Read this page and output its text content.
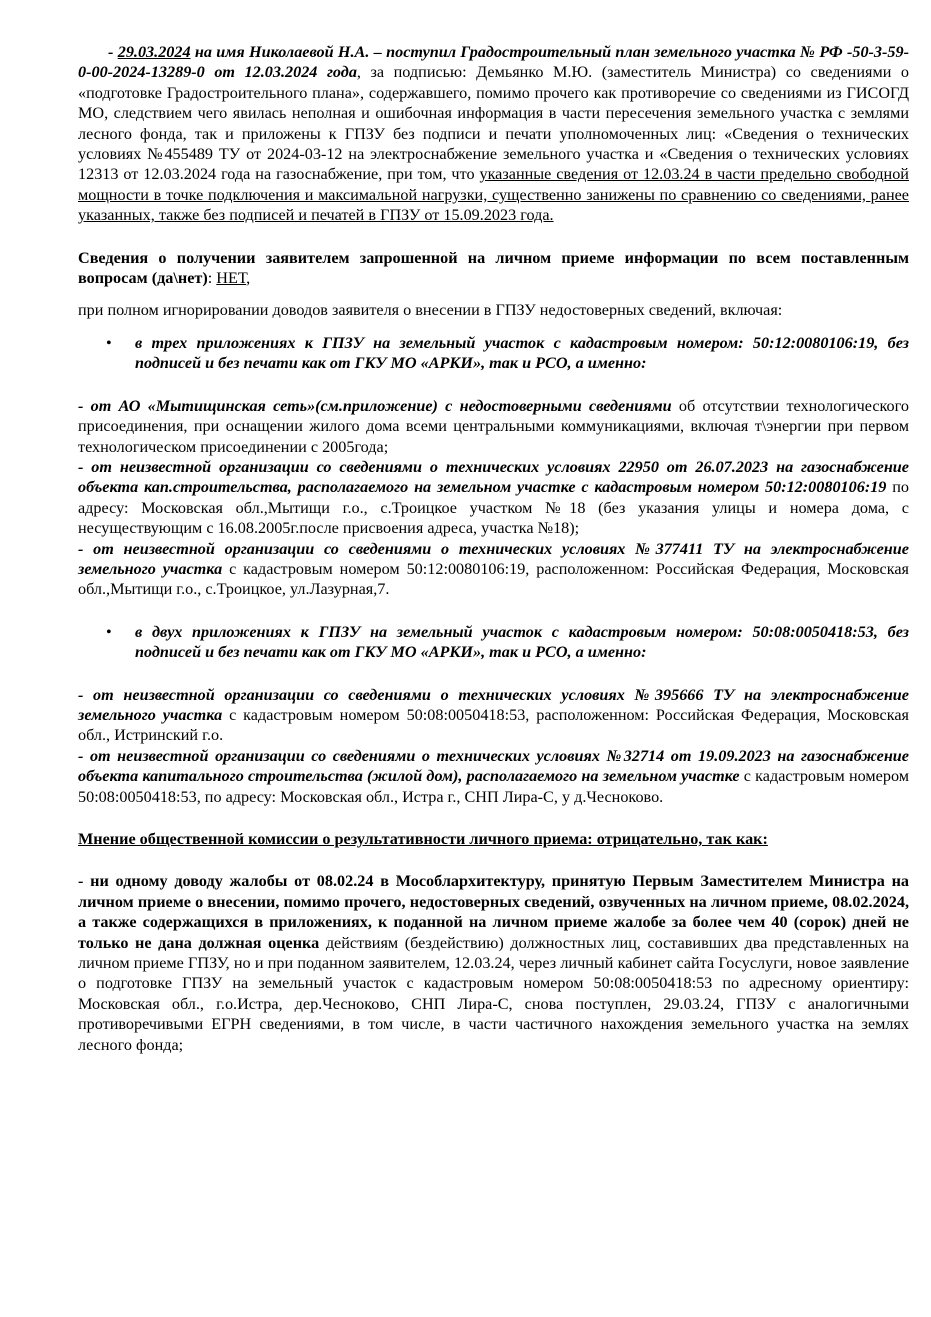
- 29.03.2024 на имя Николаевой Н.А. – поступил Градостроительный план земельного участка № РФ -50-3-59-0-00-2024-13289-0 от 12.03.2024 года, за подписью: Демьянко М.Ю. (заместитель Министра) со сведениями о «подготовке Градостроительного плана», содержавшего, помимо прочего как противоречие со сведениями из ГИСОГД МО, следствием чего явилась неполная и ошибочная информация в части пересечения земельного участка с землями лесного фонда, так и приложены к ГПЗУ без подписи и печати уполномоченных лиц: «Сведения о технических условиях №455489 ТУ от 2024-03-12 на электроснабжение земельного участка и «Сведения о технических условиях 12313 от 12.03.2024 года на газоснабжение, при том, что указанные сведения от 12.03.24 в части предельно свободной мощности в точке подключения и максимальной нагрузки, существенно занижены по сравнению со сведениями, ранее указанных, также без подписей и печатей в ГПЗУ от 15.09.2023 года.

Сведения о получении заявителем запрошенной на личном приеме информации по всем поставленным вопросам (да\нет): НЕТ,

при полном игнорировании доводов заявителя о внесении в ГПЗУ недостоверных сведений, включая:

• в трех приложениях к ГПЗУ на земельный участок с кадастровым номером: 50:12:0080106:19, без подписей и без печати как от ГКУ МО «АРКИ», так и РСО, а именно:

- от АО «Мытищинская сеть»(см.приложение) с недостоверными сведениями об отсутствии технологического присоединения, при оснащении жилого дома всеми центральными коммуникациями, включая т\энергии при первом технологическом присоединении с 2005года;

- от неизвестной организации со сведениями о технических условиях 22950 от 26.07.2023 на газоснабжение объекта кап.строительства, располагаемого на земельном участке с кадастровым номером 50:12:0080106:19 по адресу: Московская обл.,Мытищи г.о., с.Троицкое участком №18 (без указания улицы и номера дома, с несуществующим с 16.08.2005г.после присвоения адреса, участка №18);

- от неизвестной организации со сведениями о технических условиях №377411 ТУ на электроснабжение земельного участка с кадастровым номером 50:12:0080106:19, расположенном: Российская Федерация, Московская обл.,Мытищи г.о., с.Троицкое, ул.Лазурная,7.

• в двух приложениях к ГПЗУ на земельный участок с кадастровым номером: 50:08:0050418:53, без подписей и без печати как от ГКУ МО «АРКИ», так и РСО, а именно:

- от неизвестной организации со сведениями о технических условиях №395666 ТУ на электроснабжение земельного участка с кадастровым номером 50:08:0050418:53, расположенном: Российская Федерация, Московская обл., Истринский г.о.

- от неизвестной организации со сведениями о технических условиях №32714 от 19.09.2023 на газоснабжение объекта капитального строительства (жилой дом), располагаемого на земельном участке с кадастровым номером 50:08:0050418:53, по адресу: Московская обл., Истра г., СНП Лира-С, у д.Чесноково.

Мнение общественной комиссии о результативности личного приема: отрицательно, так как:

- ни одному доводу жалобы от 08.02.24 в Мособлархитектуру, принятую Первым Заместителем Министра на личном приеме о внесении, помимо прочего, недостоверных сведений, озвученных на личном приеме, 08.02.2024, а также содержащихся в приложениях, к поданной на личном приеме жалобе за более чем 40 (сорок) дней не только не дана должная оценка действиям (бездействию) должностных лиц, составивших два представленных на личном приеме ГПЗУ, но и при поданном заявителем, 12.03.24, через личный кабинет сайта Госуслуги, новое заявление о подготовке ГПЗУ на земельный участок с кадастровым номером 50:08:0050418:53 по адресному ориентиру: Московская обл., г.о.Истра, дер.Чесноково, СНП Лира-С, снова поступлен, 29.03.24, ГПЗУ с аналогичными противоречивыми ЕГРН сведениями, в том числе, в части частичного нахождения земельного участка на землях лесного фонда;
